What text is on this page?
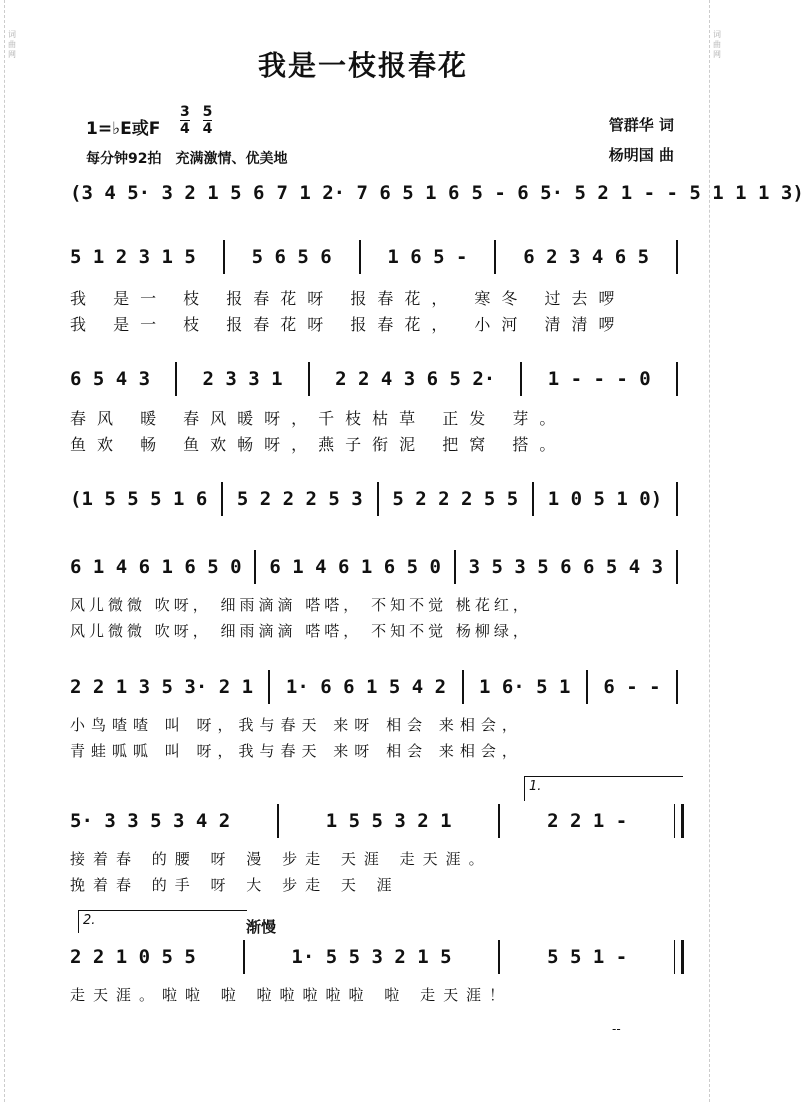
词曲网
词曲网
我是一枝报春花
1=♭E或F $\frac{3}{4}$
$\frac{5}{4}$
每分钟92拍　充满激情、优美地
管群华 词
杨明国 曲
(3 4 5· 3 2 1 5 6 7 1 2· 7 6 5 1 6 5 - 6 5· 5 2 1 - - 5 1 1 1 3)
5 1 2 3 1 5	5 6 5 6	1 6 5 -	6 2 3 4 6 5
我 是一 枝 报春花呀 报春花， 寒冬 过去啰
我 是一 枝 报春花呀 报春花， 小河 清清啰
6 5 4 3	2 3 3 1	2 2 4 3 6 5 2·	1 - - - 0
春风 暖 春风暖呀，千枝枯草 正发 芽。
鱼欢 畅 鱼欢畅呀，燕子衔泥 把窝 搭。
(1 5 5 5 1 6 5 2 2 2 5 3 5 2 2 2 5 5 1 0 5 1 0)
6 1 4 6 1 6 5 0 6 1 4 6 1 6 5 0 3 5 3 5 6 6 5 4 3
风儿微微 吹呀， 细雨滴滴 嗒嗒， 不知不觉 桃花红，
风儿微微 吹呀， 细雨滴滴 嗒嗒， 不知不觉 杨柳绿，
2 2 1 3 5 3· 2 1 1· 6 6 1 5 4 2 1 6· 5 1 6 - -
小鸟喳喳 叫 呀，我与春天 来呀 相会 来相会，
青蛙呱呱 叫 呀，我与春天 来呀 相会 来相会，
1.
5· 3 3 5 3 4 2	1 5 5 3 2 1	2 2 1 -
接着春 的腰 呀 漫 步走 天涯 走天涯。
挽着春 的手 呀 大 步走 天 涯
2.	渐慢
2 2 1 0 5 5	1· 5 5 3 2 1 5	5 5 1 -
走天涯。啦啦 啦 啦啦啦啦啦 啦 走天涯！
--
